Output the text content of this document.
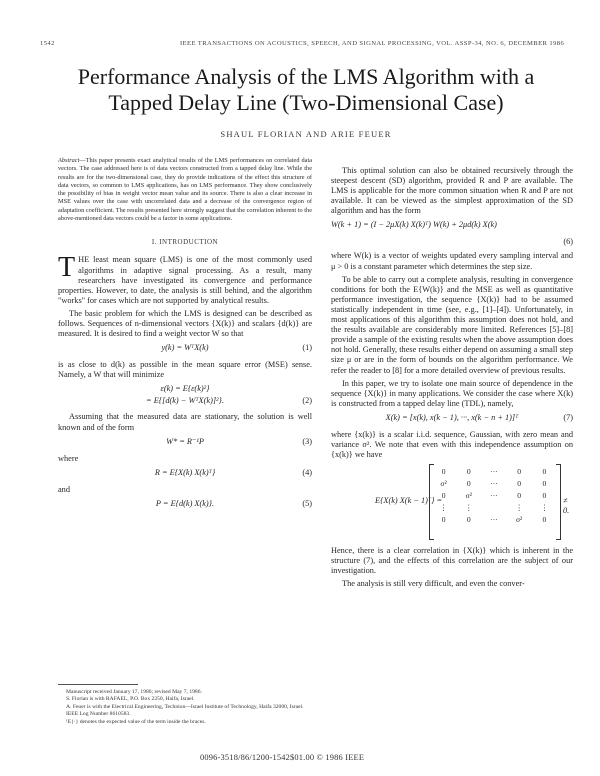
1542	IEEE TRANSACTIONS ON ACOUSTICS, SPEECH, AND SIGNAL PROCESSING, VOL. ASSP-34, NO. 6, DECEMBER 1986
Performance Analysis of the LMS Algorithm with a
Tapped Delay Line (Two-Dimensional Case)
SHAUL FLORIAN AND ARIE FEUER
Abstract—This paper presents exact analytical results of the LMS performances on correlated data vectors. The case addressed here is of data vectors constructed from a tapped delay line. While the results are for the two-dimensional case, they do provide indications of the effect this structure of data vectors, so common to LMS applications, has on LMS performance. They show conclusively the possibility of bias in weight vector mean value and its source. There is also a clear increase in MSE values over the case with uncorrelated data and a decrease of the convergence region of adaptation coefficient. The results presented here strongly suggest that the correlation inherent to the above-mentioned data vectors could be a factor in some applications.
I. INTRODUCTION

THE least mean square (LMS) is one of the most commonly used algorithms in adaptive signal processing. As a result, many researchers have investigated its convergence and performance properties. However, to date, the analysis is still behind, and the algorithm "works" for cases which are not supported by analytical results.

The basic problem for which the LMS is designed can be described as follows. Sequences of n-dimensional vectors {X(k)} and scalars {d(k)} are measured. It is desired to find a weight vector W so that

y(k) = WᵀX(k)	(1)

is as close to d(k) as possible in the mean square error (MSE) sense. Namely, a W that will minimize

ε(k) = E{ε(k)²}
= E{[d(k) − WᵀX(k)]²}.	(2)

Assuming that the measured data are stationary, the solution is well known and of the form

W* = R⁻¹P	(3)
where
R = E{X(k) X(k)ᵀ}	(4)
and
P = E{d(k) X(k)}.	(5)

This optimal solution can also be obtained recursively through the steepest descent (SD) algorithm, provided R and P are available. The LMS is applicable for the more common situation when R and P are not available. It can be viewed as the simplest approximation of the SD algorithm and has the form

W(k + 1) = (I − 2μX(k) X(k)ᵀ) W(k) + 2μd(k) X(k)
(6)

where W(k) is a vector of weights updated every sampling interval and μ > 0 is a constant parameter which determines the step size.

To be able to carry out a complete analysis, resulting in convergence conditions for both the E{W(k)} and the MSE as well as quantitative performance investigation, the sequence {X(k)} had to be assumed statistically independent in time (see, e.g., [1]–[4]). Unfortunately, in most applications of this algorithm this assumption does not hold, and the results available are considerably more limited. References [5]–[8] provide a sample of the existing results when the above assumption does not hold. Generally, these results either depend on assuming a small step size μ or are in the form of bounds on the algorithm performance. We refer the reader to [8] for a more detailed overview of previous results.

In this paper, we try to isolate one main source of dependence in the sequence {X(k)} in many applications. We consider the case where X(k) is constructed from a tapped delay line (TDL), namely,

X(k) = [x(k), x(k − 1), ···, x(k − n + 1)]ᵀ	(7)

where {x(k)} is a scalar i.i.d. sequence, Gaussian, with zero mean and variance σ². We note that even with this independence assumption on {x(k)} we have

E{X(k) X(k − 1)ᵀ} =
0	0	···	0	0
σ²	0	···	0	0
0	σ²	···	0	0
⋮	⋮		⋮	⋮
0	0	···	σ²	0
≠ 0.

Hence, there is a clear correlation in {X(k)} which is inherent in the structure (7), and the effects of this correlation are the subject of our investigation.

The analysis is still very difficult, and even the conver-

Manuscript received January 17, 1986; revised May 7, 1986.
S. Florian is with RAFAEL, P.O. Box 2250, Haifa, Israel.
A. Feuer is with the Electrical Engineering, Technion—Israel Institute of Technology, Haifa 32000, Israel.
IEEE Log Number 8610583.
¹E{·} denotes the expected value of the term inside the braces.
0096-3518/86/1200-1542$01.00 © 1986 IEEE
